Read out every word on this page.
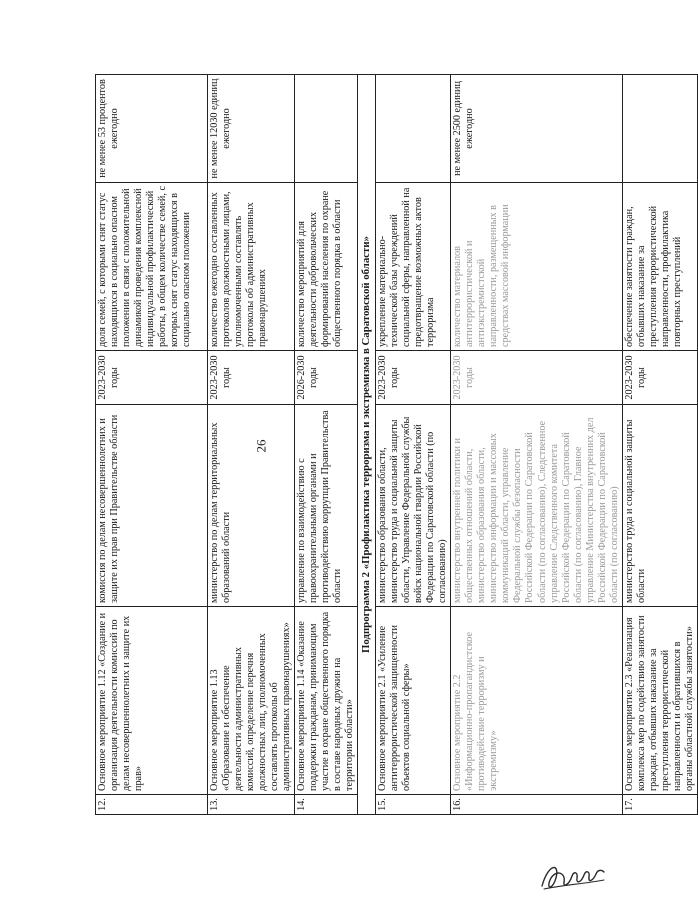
26
12.	Основное мероприятие 1.12 «Создание и организация деятельности комиссий по делам несовершеннолетних и защите их прав»	комиссия по делам несовершеннолетних и защите их прав при Правительстве области	2023-2030 годы	доля семей, с которыми снят статус находящихся в социально опасном положении в связи с положительной динамикой проведения комплексной индивидуальной профилактической работы, в общем количестве семей, с которых снят статус находящихся в социально опасном положении	не менее 53 процентов ежегодно
13.	Основное мероприятие 1.13 «Образование и обеспечение деятельности административных комиссий, определение перечня должностных лиц, уполномоченных составлять протоколы об административных правонарушениях»	министерство по делам территориальных образований области	2023-2030 годы	количество ежегодно составленных протоколов должностными лицами, уполномоченными составлять протоколы об административных правонарушениях	не менее 12030 единиц ежегодно
14.	Основное мероприятие 1.14 «Оказание поддержки гражданам, принимающим участие в охране общественного порядка в составе народных дружин на территории области»	управление по взаимодействию с правоохранительными органами и противодействию коррупции Правительства области	2026-2030 годы	количество мероприятий для деятельности добровольческих формирований населения по охране общественного порядка в области	
Подпрограмма 2 «Профилактика терроризма и экстремизма в Саратовской области»					
15.	Основное мероприятие 2.1 «Усиление антитеррористической защищенности объектов социальной сферы»	министерство образования области, министерство труда и социальной защиты области, Управление Федеральной службы войск национальной гвардии Российской Федерации по Саратовской области (по согласованию)	2023-2030 годы	укрепление материально-технической базы учреждений социальной сферы, направленной на предотвращение возможных актов терроризма	
16.	Основное мероприятие 2.2 «Информационно-пропагандистское противодействие терроризму и экстремизму»	министерство внутренней политики и общественных отношений области, министерство образования области, министерство информации и массовых коммуникаций области, управление Федеральной службы безопасности Российской Федерации по Саратовской области (по согласованию), Следственное управление Следственного комитета Российской Федерации по Саратовской области (по согласованию), Главное управление Министерства внутренних дел Российской Федерации по Саратовской области (по согласованию)	2023-2030 годы	количество материалов антитеррористической и антиэкстремистской направленности, размещенных в средствах массовой информации	не менее 2500 единиц ежегодно
17.	Основное мероприятие 2.3 «Реализация комплекса мер по содействию занятости граждан, отбывших наказание за преступления террористической направленности и обратившихся в органы областной службы занятости»	министерство труда и социальной защиты области	2023-2030 годы	обеспечение занятости граждан, отбывших наказание за преступления террористической направленности, профилактика повторных преступлений	
